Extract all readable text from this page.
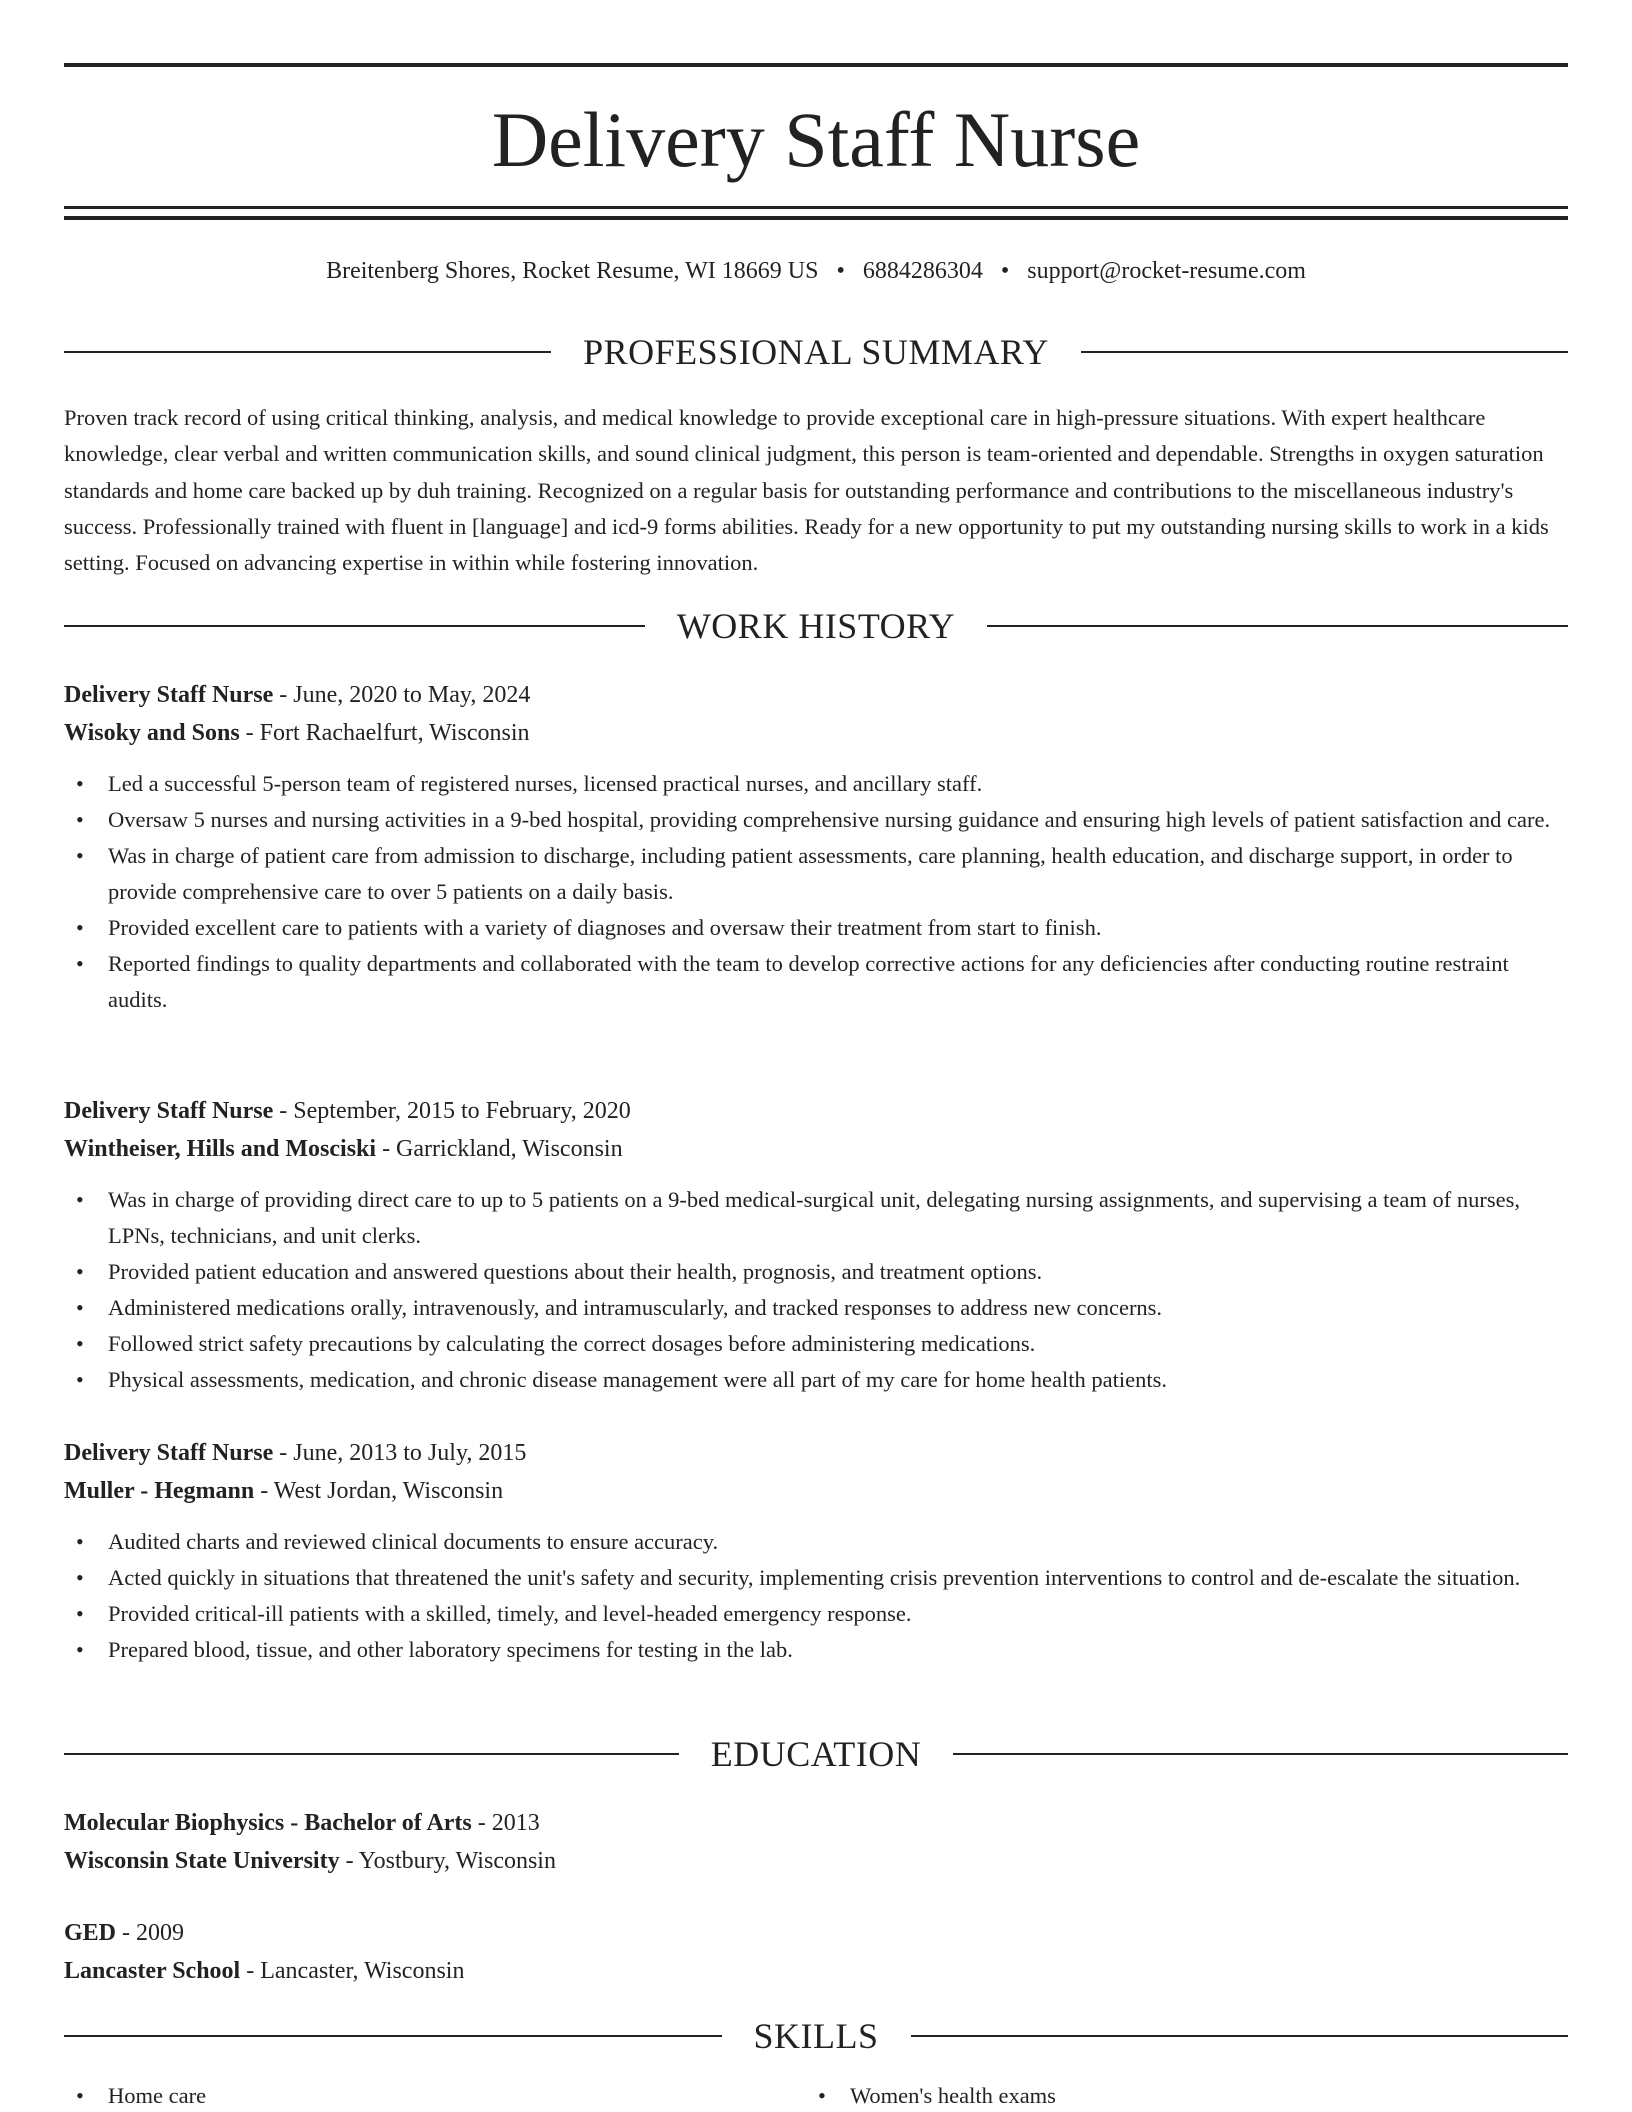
Delivery Staff Nurse
Breitenberg Shores, Rocket Resume, WI 18669 US • 6884286304 • support@rocket-resume.com
PROFESSIONAL SUMMARY

Proven track record of using critical thinking, analysis, and medical knowledge to provide exceptional care in high-pressure situations. With expert healthcare knowledge, clear verbal and written communication skills, and sound clinical judgment, this person is team-oriented and dependable. Strengths in oxygen saturation standards and home care backed up by duh training. Recognized on a regular basis for outstanding performance and contributions to the miscellaneous industry's success. Professionally trained with fluent in [language] and icd-9 forms abilities. Ready for a new opportunity to put my outstanding nursing skills to work in a kids setting. Focused on advancing expertise in within while fostering innovation.

WORK HISTORY
Delivery Staff Nurse - June, 2020 to May, 2024
Wisoky and Sons - Fort Rachaelfurt, Wisconsin
• Led a successful 5-person team of registered nurses, licensed practical nurses, and ancillary staff.
• Oversaw 5 nurses and nursing activities in a 9-bed hospital, providing comprehensive nursing guidance and ensuring high levels of patient satisfaction and care.
• Was in charge of patient care from admission to discharge, including patient assessments, care planning, health education, and discharge support, in order to provide comprehensive care to over 5 patients on a daily basis.
• Provided excellent care to patients with a variety of diagnoses and oversaw their treatment from start to finish.
• Reported findings to quality departments and collaborated with the team to develop corrective actions for any deficiencies after conducting routine restraint audits.
Delivery Staff Nurse - September, 2015 to February, 2020
Wintheiser, Hills and Mosciski - Garrickland, Wisconsin
• Was in charge of providing direct care to up to 5 patients on a 9-bed medical-surgical unit, delegating nursing assignments, and supervising a team of nurses, LPNs, technicians, and unit clerks.
• Provided patient education and answered questions about their health, prognosis, and treatment options.
• Administered medications orally, intravenously, and intramuscularly, and tracked responses to address new concerns.
• Followed strict safety precautions by calculating the correct dosages before administering medications.
• Physical assessments, medication, and chronic disease management were all part of my care for home health patients.
Delivery Staff Nurse - June, 2013 to July, 2015
Muller - Hegmann - West Jordan, Wisconsin
• Audited charts and reviewed clinical documents to ensure accuracy.
• Acted quickly in situations that threatened the unit's safety and security, implementing crisis prevention interventions to control and de-escalate the situation.
• Provided critical-ill patients with a skilled, timely, and level-headed emergency response.
• Prepared blood, tissue, and other laboratory specimens for testing in the lab.
EDUCATION
Molecular Biophysics - Bachelor of Arts - 2013
Wisconsin State University - Yostbury, Wisconsin
GED - 2009
Lancaster School - Lancaster, Wisconsin
SKILLS
• Home care
•	Women's health exams
